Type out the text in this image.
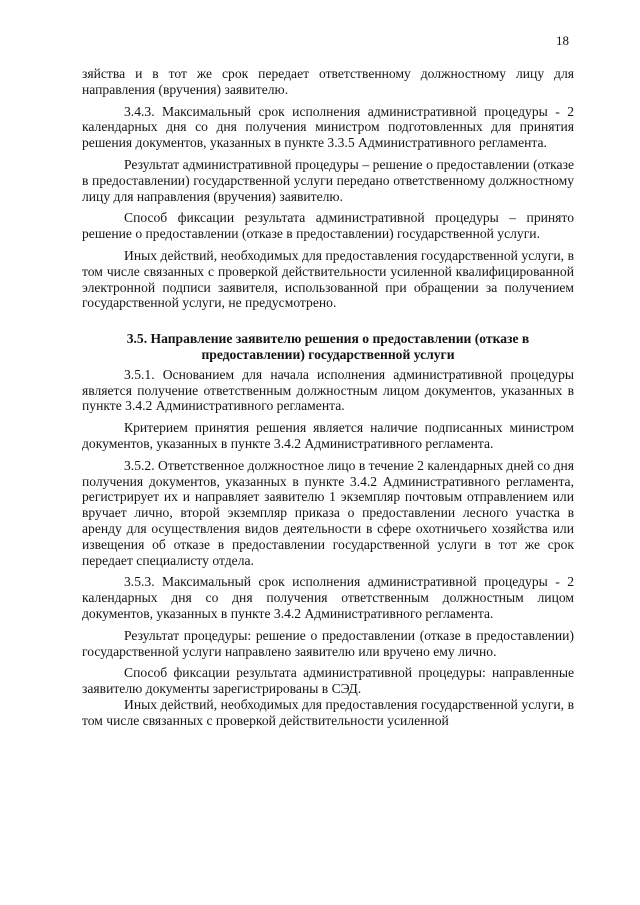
18

зяйства и в тот же срок передает ответственному должностному лицу для направления (вручения) заявителю.

3.4.3. Максимальный срок исполнения административной процедуры - 2 календарных дня со дня получения министром подготовленных для принятия решения документов, указанных в пункте 3.3.5 Административного регламента.

Результат административной процедуры – решение о предоставлении (отказе в предоставлении) государственной услуги передано ответственному должностному лицу для направления (вручения) заявителю.

Способ фиксации результата административной процедуры – принято решение о предоставлении (отказе в предоставлении) государственной услуги.

Иных действий, необходимых для предоставления государственной услуги, в том числе связанных с проверкой действительности усиленной квалифицированной электронной подписи заявителя, использованной при обращении за получением государственной услуги, не предусмотрено.

3.5. Направление заявителю решения о предоставлении (отказе в предоставлении) государственной услуги

3.5.1. Основанием для начала исполнения административной процедуры является получение ответственным должностным лицом документов, указанных в пункте 3.4.2 Административного регламента.

Критерием принятия решения является наличие подписанных министром документов, указанных в пункте 3.4.2 Административного регламента.

3.5.2. Ответственное должностное лицо в течение 2 календарных дней со дня получения документов, указанных в пункте 3.4.2 Административного регламента, регистрирует их и направляет заявителю 1 экземпляр почтовым отправлением или вручает лично, второй экземпляр приказа о предоставлении лесного участка в аренду для осуществления видов деятельности в сфере охотничьего хозяйства или извещения об отказе в предоставлении государственной услуги в тот же срок передает специалисту отдела.

3.5.3. Максимальный срок исполнения административной процедуры - 2 календарных дня со дня получения ответственным должностным лицом документов, указанных в пункте 3.4.2 Административного регламента.

Результат процедуры: решение о предоставлении (отказе в предоставлении) государственной услуги направлено заявителю или вручено ему лично.

Способ фиксации результата административной процедуры: направленные заявителю документы зарегистрированы в СЭД.

Иных действий, необходимых для предоставления государственной услуги, в том числе связанных с проверкой действительности усиленной
